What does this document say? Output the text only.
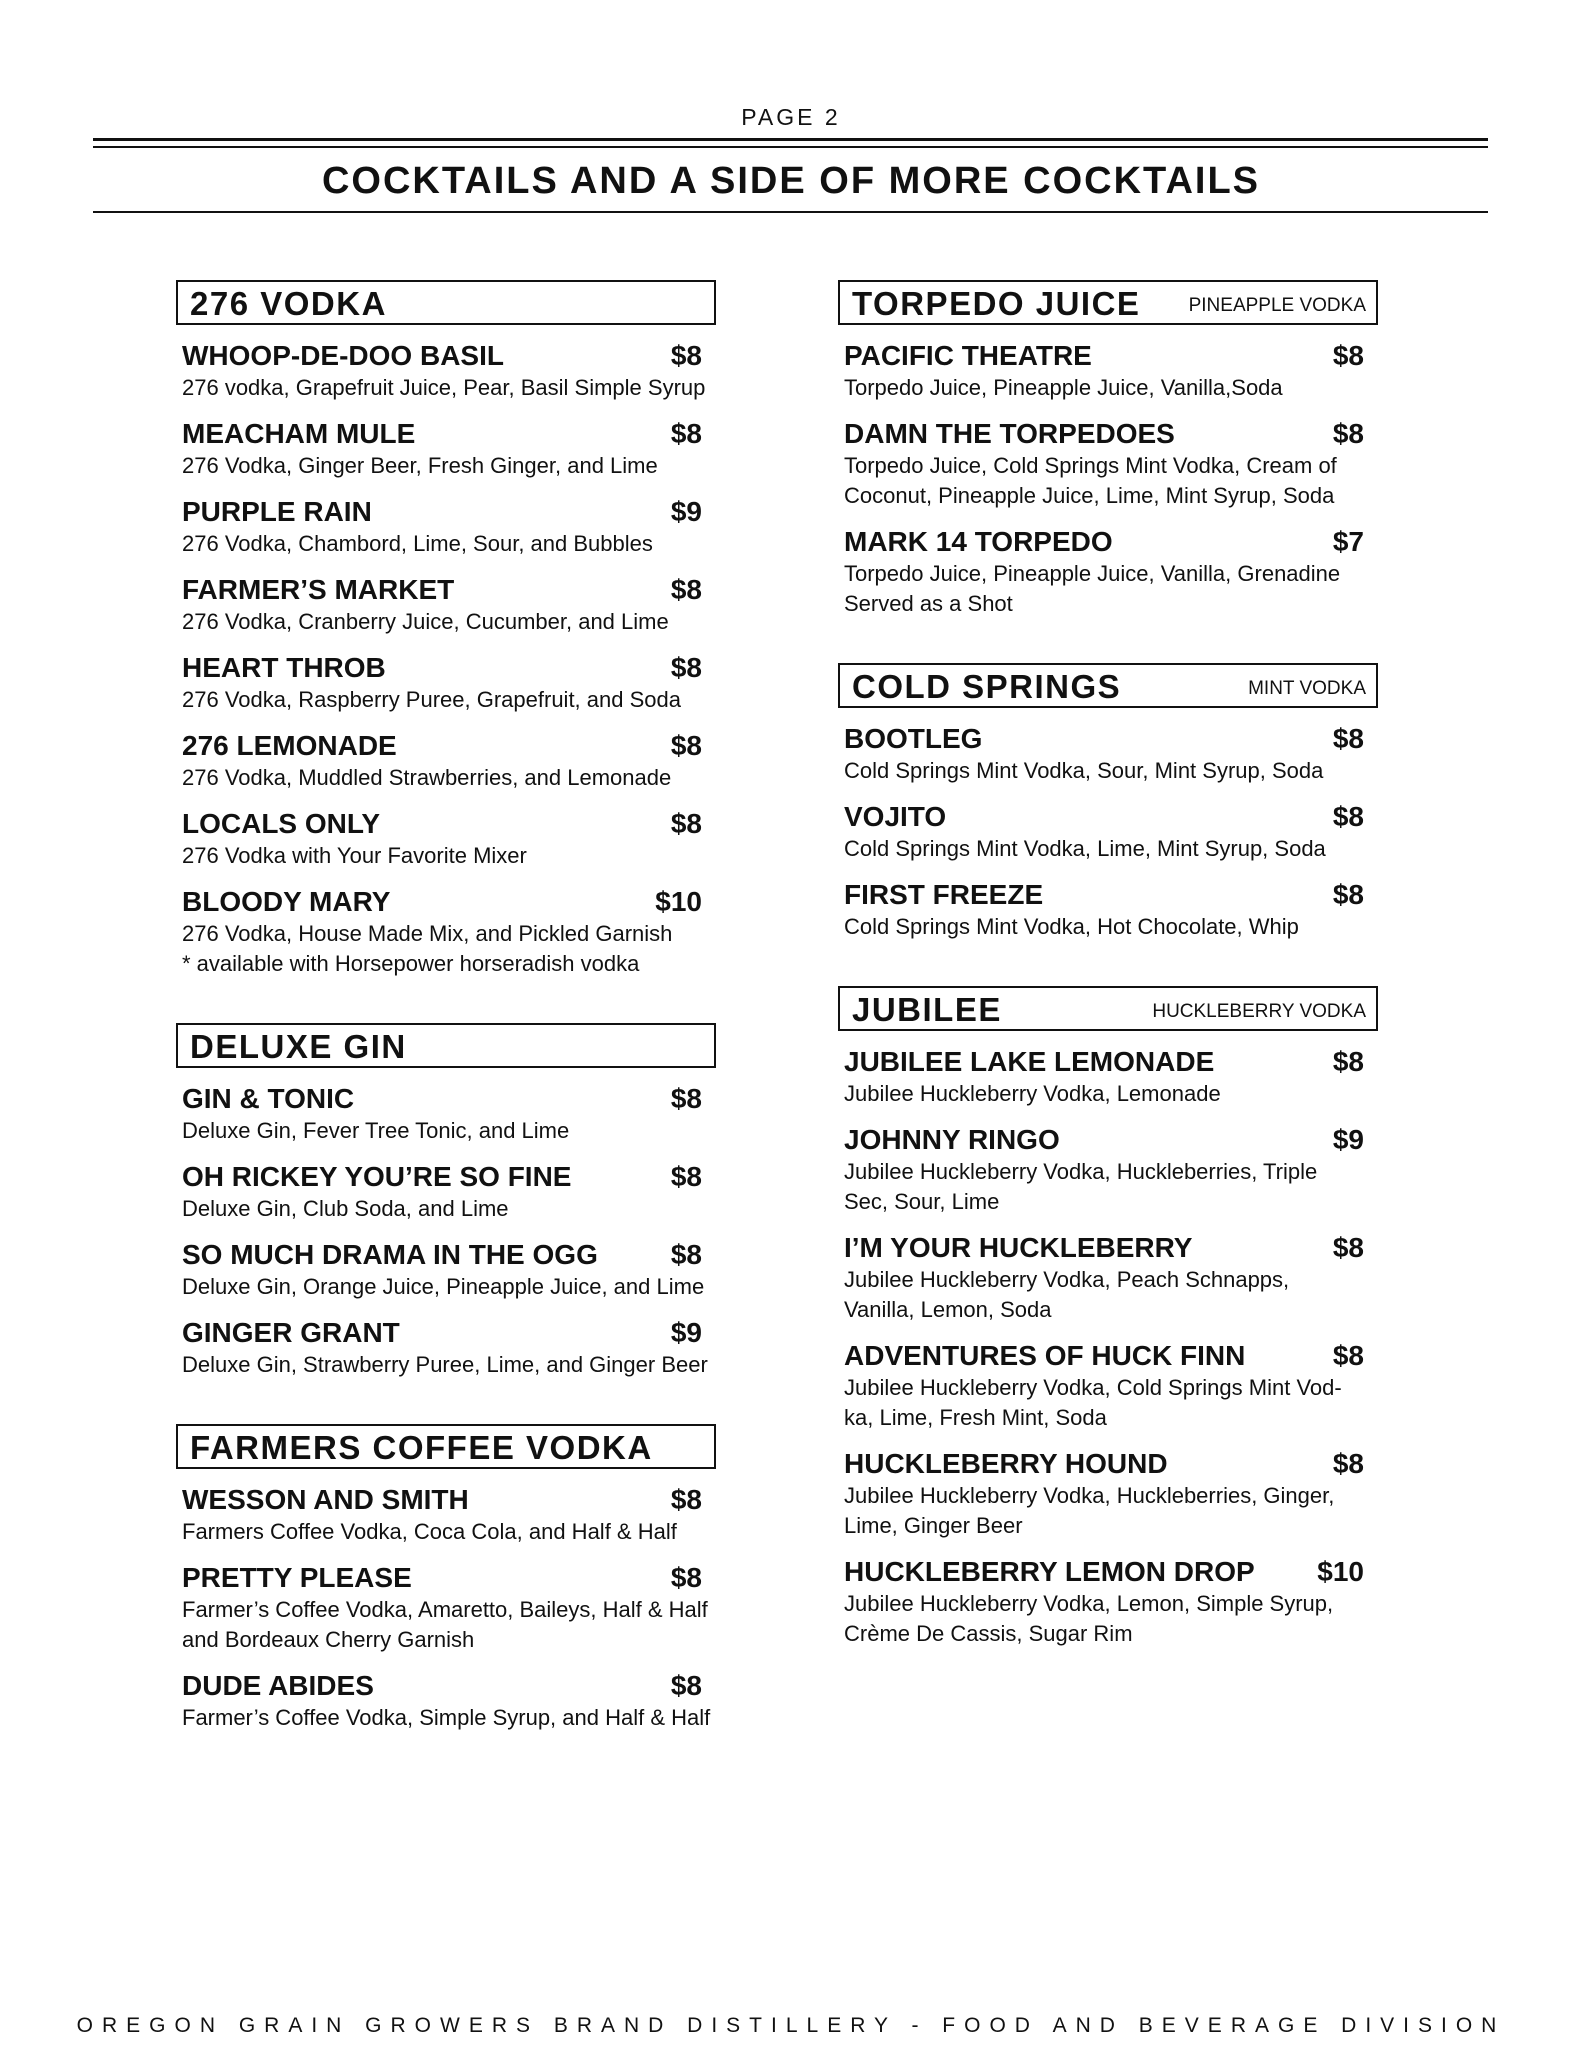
PAGE 2
COCKTAILS AND A SIDE OF MORE COCKTAILS
276 VODKA
WHOOP-DE-DOO BASIL	$8
276 vodka, Grapefruit Juice, Pear, Basil Simple Syrup
MEACHAM MULE	$8
276 Vodka, Ginger Beer, Fresh Ginger, and Lime
PURPLE RAIN	$9
276 Vodka, Chambord, Lime, Sour, and Bubbles
FARMER’S MARKET	$8
276 Vodka, Cranberry Juice, Cucumber, and Lime
HEART THROB	$8
276 Vodka, Raspberry Puree, Grapefruit, and Soda
276 LEMONADE	$8
276 Vodka, Muddled Strawberries, and Lemonade
LOCALS ONLY	$8
276 Vodka with Your Favorite Mixer
BLOODY MARY	$10
276 Vodka, House Made Mix, and Pickled Garnish
* available with Horsepower horseradish vodka
DELUXE GIN
GIN & TONIC	$8
Deluxe Gin, Fever Tree Tonic, and Lime
OH RICKEY YOU’RE SO FINE	$8
Deluxe Gin, Club Soda, and Lime
SO MUCH DRAMA IN THE OGG	$8
Deluxe Gin, Orange Juice, Pineapple Juice, and Lime
GINGER GRANT	$9
Deluxe Gin, Strawberry Puree, Lime, and Ginger Beer
FARMERS COFFEE VODKA
WESSON AND SMITH	$8
Farmers Coffee Vodka, Coca Cola, and Half & Half
PRETTY PLEASE	$8
Farmer’s Coffee Vodka, Amaretto, Baileys, Half & Half
and Bordeaux Cherry Garnish
DUDE ABIDES	$8
Farmer’s Coffee Vodka, Simple Syrup, and Half & Half
TORPEDO JUICE	PINEAPPLE VODKA
PACIFIC THEATRE	$8
Torpedo Juice, Pineapple Juice, Vanilla,Soda
DAMN THE TORPEDOES	$8
Torpedo Juice, Cold Springs Mint Vodka, Cream of
Coconut, Pineapple Juice, Lime, Mint Syrup, Soda
MARK 14 TORPEDO	$7
Torpedo Juice, Pineapple Juice, Vanilla, Grenadine
Served as a Shot
COLD SPRINGS	MINT VODKA
BOOTLEG	$8
Cold Springs Mint Vodka, Sour, Mint Syrup, Soda
VOJITO	$8
Cold Springs Mint Vodka, Lime, Mint Syrup, Soda
FIRST FREEZE	$8
Cold Springs Mint Vodka, Hot Chocolate, Whip
JUBILEE	HUCKLEBERRY VODKA
JUBILEE LAKE LEMONADE	$8
Jubilee Huckleberry Vodka, Lemonade
JOHNNY RINGO	$9
Jubilee Huckleberry Vodka, Huckleberries, Triple
Sec, Sour, Lime
I’M YOUR HUCKLEBERRY	$8
Jubilee Huckleberry Vodka, Peach Schnapps,
Vanilla, Lemon, Soda
ADVENTURES OF HUCK FINN	$8
Jubilee Huckleberry Vodka, Cold Springs Mint Vod-
ka, Lime, Fresh Mint, Soda
HUCKLEBERRY HOUND	$8
Jubilee Huckleberry Vodka, Huckleberries, Ginger,
Lime, Ginger Beer
HUCKLEBERRY LEMON DROP $10
Jubilee Huckleberry Vodka, Lemon, Simple Syrup,
Crème De Cassis, Sugar Rim
OREGON GRAIN GROWERS BRAND DISTILLERY - FOOD AND BEVERAGE DIVISION
